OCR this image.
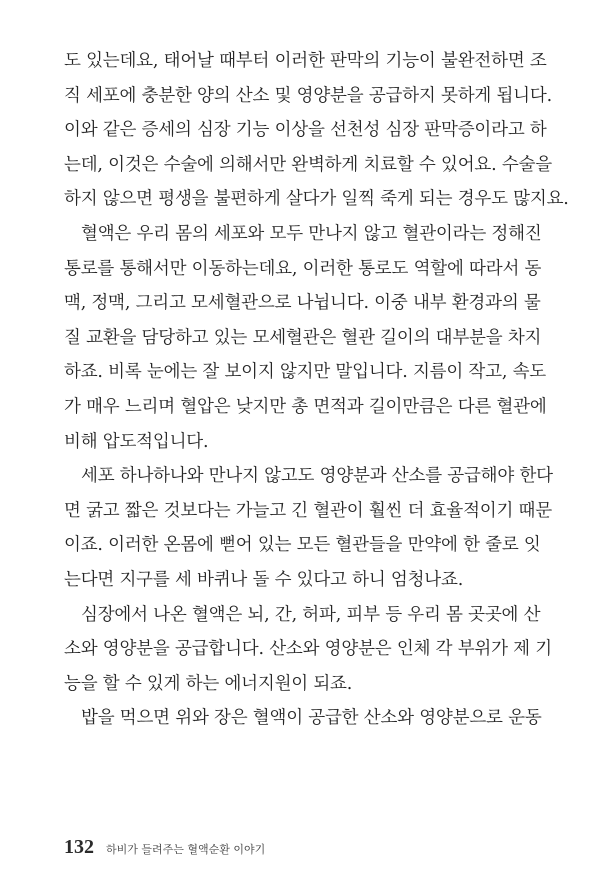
도 있는데요, 태어날 때부터 이러한 판막의 기능이 불완전하면 조
직 세포에 충분한 양의 산소 및 영양분을 공급하지 못하게 됩니다.
이와 같은 증세의 심장 기능 이상을 선천성 심장 판막증이라고 하
는데, 이것은 수술에 의해서만 완벽하게 치료할 수 있어요. 수술을
하지 않으면 평생을 불편하게 살다가 일찍 죽게 되는 경우도 많지요.

혈액은 우리 몸의 세포와 모두 만나지 않고 혈관이라는 정해진
통로를 통해서만 이동하는데요, 이러한 통로도 역할에 따라서 동
맥, 정맥, 그리고 모세혈관으로 나뉩니다. 이중 내부 환경과의 물
질 교환을 담당하고 있는 모세혈관은 혈관 길이의 대부분을 차지
하죠. 비록 눈에는 잘 보이지 않지만 말입니다. 지름이 작고, 속도
가 매우 느리며 혈압은 낮지만 총 면적과 길이만큼은 다른 혈관에
비해 압도적입니다.

세포 하나하나와 만나지 않고도 영양분과 산소를 공급해야 한다
면 굵고 짧은 것보다는 가늘고 긴 혈관이 훨씬 더 효율적이기 때문
이죠. 이러한 온몸에 뻗어 있는 모든 혈관들을 만약에 한 줄로 잇
는다면 지구를 세 바퀴나 돌 수 있다고 하니 엄청나죠.

심장에서 나온 혈액은 뇌, 간, 허파, 피부 등 우리 몸 곳곳에 산
소와 영양분을 공급합니다. 산소와 영양분은 인체 각 부위가 제 기
능을 할 수 있게 하는 에너지원이 되죠.

밥을 먹으면 위와 장은 혈액이 공급한 산소와 영양분으로 운동

132 하비가 들려주는 혈액순환 이야기
